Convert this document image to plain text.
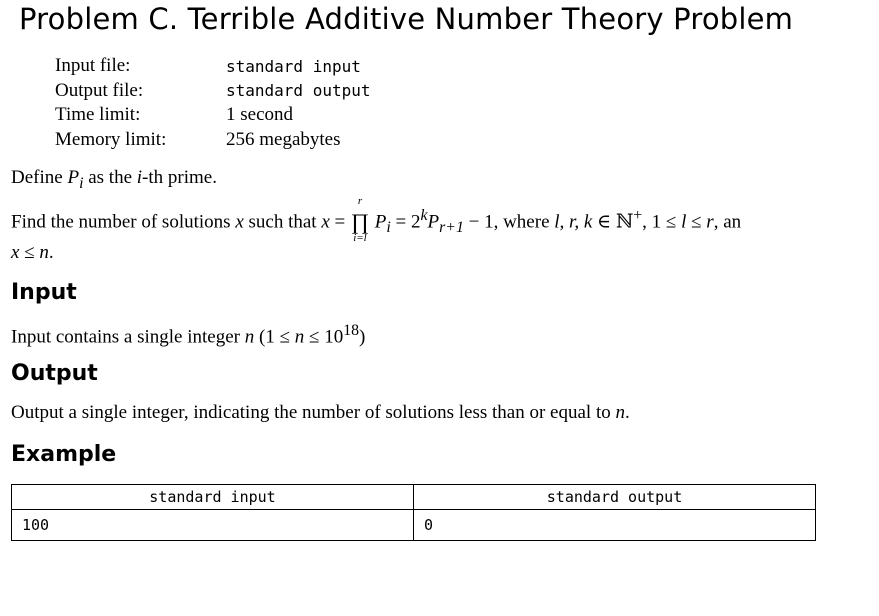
Problem C. Terrible Additive Number Theory Problem
Input file:	standard input
Output file:	standard output
Time limit:	1 second
Memory limit:	256 megabytes

Define $P_i$ as the i-th prime.

Find the number of solutions x such that x =
r
∏
i=l
$P_i = 2^kP_{r+1} - 1$, where l, r, k ∈ ℕ+, 1 ≤ l ≤ r, an

x ≤ n.

Input

Input contains a single integer n $(1 \le n \le 10^{18})$

Output

Output a single integer, indicating the number of solutions less than or equal to n.

Example
standard input	standard output
100	0
